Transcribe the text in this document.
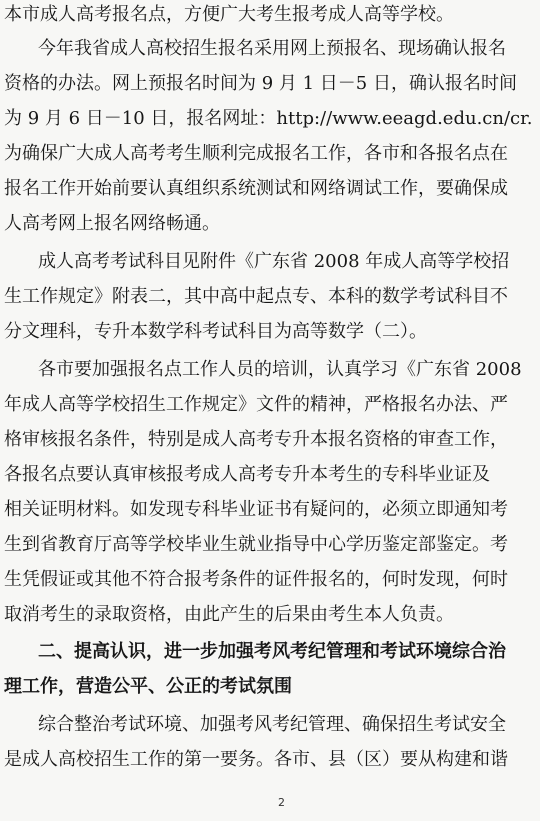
本市成人高考报名点，方便广大考生报考成人高等学校。
今年我省成人高校招生报名采用网上预报名、现场确认报名
资格的办法。网上预报名时间为 9 月 1 日－5 日，确认报名时间
为 9 月 6 日－10 日，报名网址：http://www.eeagd.edu.cn/cr.
为确保广大成人高考考生顺利完成报名工作，各市和各报名点在
报名工作开始前要认真组织系统测试和网络调试工作，要确保成
人高考网上报名网络畅通。
成人高考考试科目见附件《广东省 2008 年成人高等学校招
生工作规定》附表二，其中高中起点专、本科的数学考试科目不
分文理科，专升本数学科考试科目为高等数学（二）。
各市要加强报名点工作人员的培训，认真学习《广东省 2008
年成人高等学校招生工作规定》文件的精神，严格报名办法、严
格审核报名条件，特别是成人高考专升本报名资格的审查工作，
各报名点要认真审核报考成人高考专升本考生的专科毕业证及
相关证明材料。如发现专科毕业证书有疑问的，必须立即通知考
生到省教育厅高等学校毕业生就业指导中心学历鉴定部鉴定。考
生凭假证或其他不符合报考条件的证件报名的，何时发现，何时
取消考生的录取资格，由此产生的后果由考生本人负责。
二、提高认识，进一步加强考风考纪管理和考试环境综合治
理工作，营造公平、公正的考试氛围
综合整治考试环境、加强考风考纪管理、确保招生考试安全
是成人高校招生工作的第一要务。各市、县（区）要从构建和谐
2
